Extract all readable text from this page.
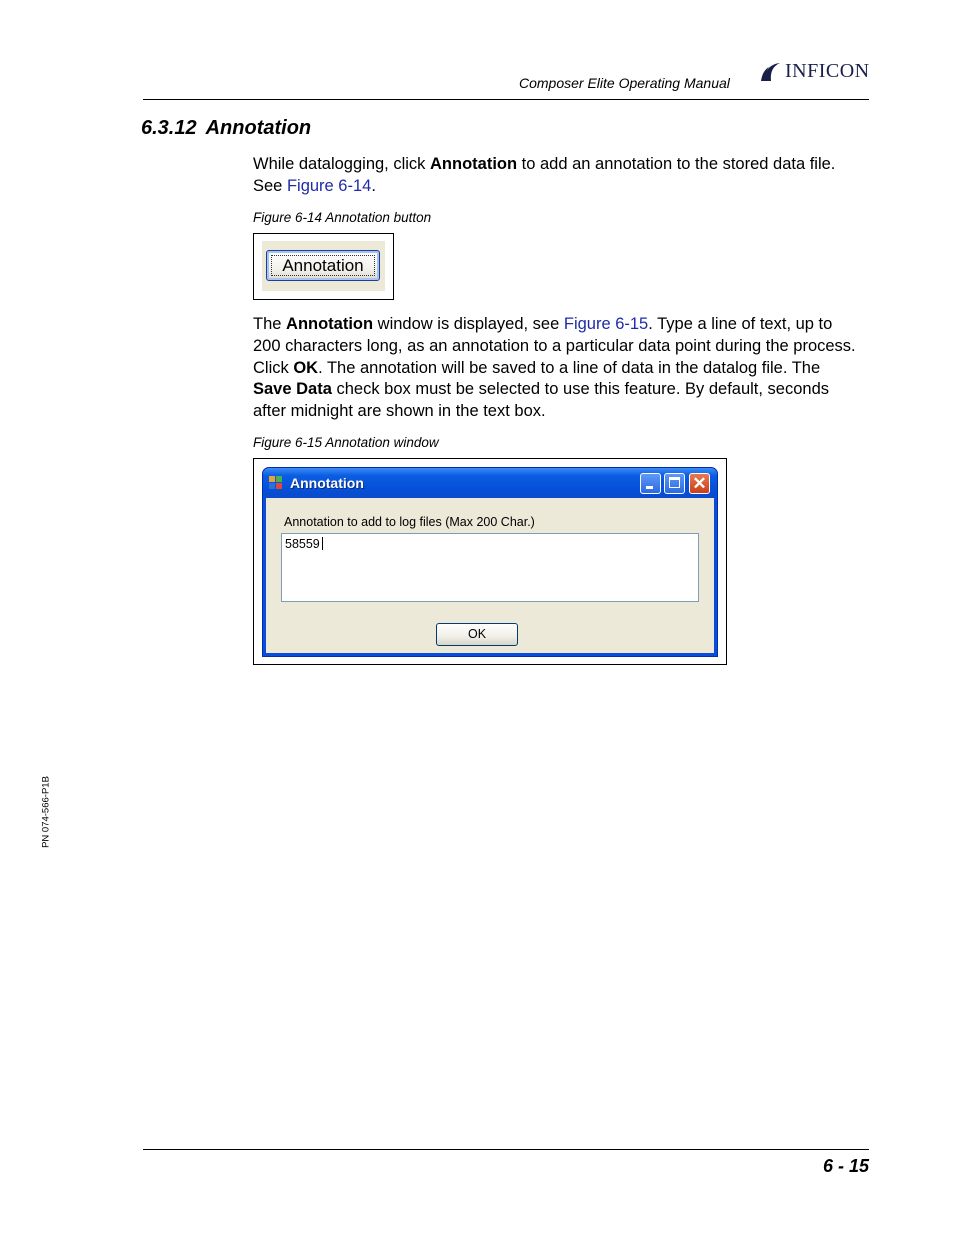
Composer Elite Operating Manual
INFICON
6.3.12 Annotation
While datalogging, click Annotation to add an annotation to the stored data file.
See Figure 6-14.
Figure 6-14 Annotation button
Annotation
The Annotation window is displayed, see Figure 6-15. Type a line of text, up to
200 characters long, as an annotation to a particular data point during the process.
Click OK. The annotation will be saved to a line of data in the datalog file. The
Save Data check box must be selected to use this feature. By default, seconds
after midnight are shown in the text box.
Figure 6-15 Annotation window
Annotation	✕
Annotation to add to log files (Max 200 Char.)
58559
OK
PN 074-566-P1B
6 - 15
